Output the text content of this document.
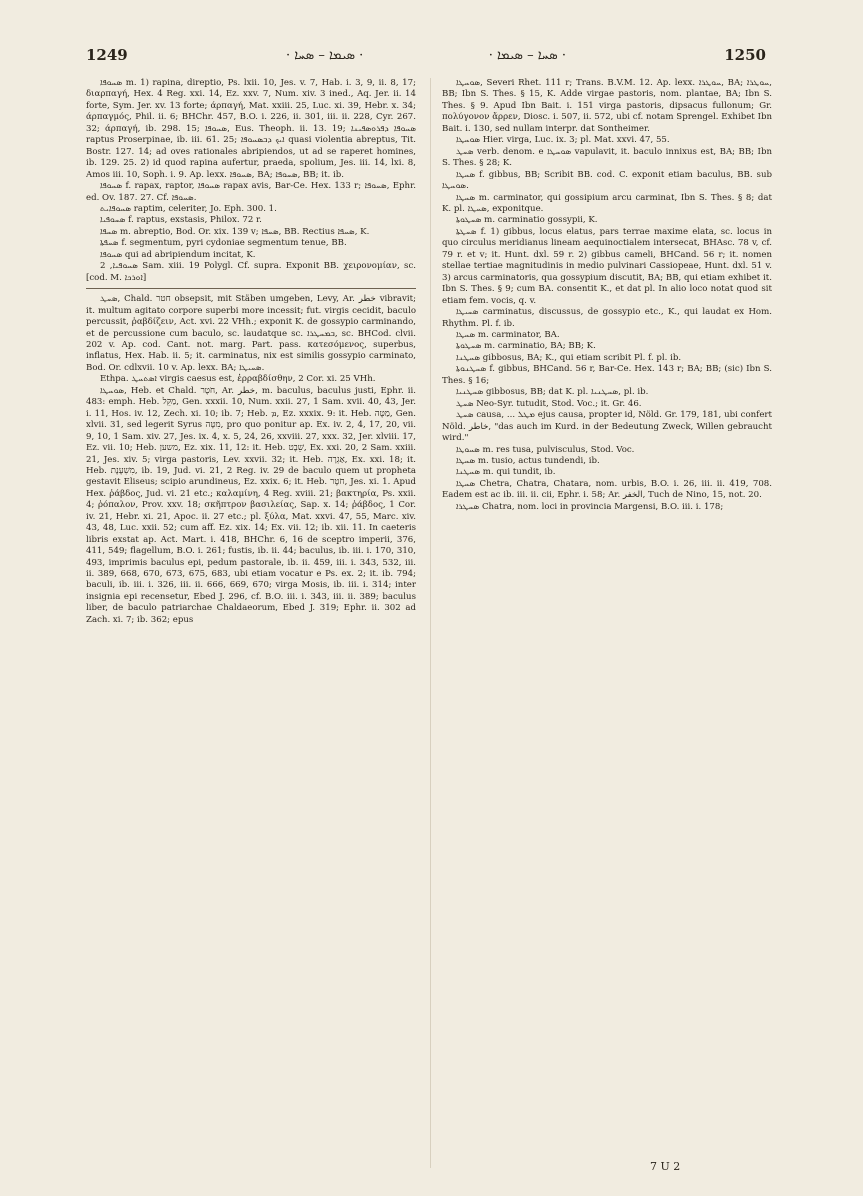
1249	· ܣܝܡܐ – ܣܚܐ ·	· ܣܚܐ – ܣܝܡܐ ·	1250

ܣܚܘܦܐ m. 1) rapina, direptio, Ps. lxii. 10, Jes. v. 7, Hab. i. 3, 9, ii. 8, 17; διαρπαγή, Hex. 4 Reg. xxi. 14, Ez. xxv. 7, Num. xiv. 3 ined., Aq. Jer. ii. 14 forte, Sym. Jer. xv. 13 forte; άρπαγή, Mat. xxiii. 25, Luc. xi. 39, Hebr. x. 34; άρπαγμός, Phil. ii. 6; BHChr. 457, B.O. i. 226, ii. 301, iii. ii. 228, Cyr. 267. 32; άρπαγή, ib. 298. 15; ܣܚܘܦܐ, Eus. Theoph. ii. 13. 19; ܣܚܘܦܐ ܕܦܪܘܣܦܝܢܐ raptus Proserpinae, ib. iii. 61. 25; ܐܝܟ ܕܒܣܚܘܦܐ quasi violentia abreptus, Tit. Bostr. 127. 14; ad oves rationales abripiendos, ut ad se raperet homines, ib. 129. 25. 2) id quod rapina aufertur, praeda, spolium, Jes. iii. 14, lxi. 8, Amos iii. 10, Soph. i. 9. Ap. lexx. ܣܚܘܦܐ, BA; ܣܚܘܦܐ, BB; it. ib.

ܣܚܘܦܐ f. rapax, raptor, ܣܚܘܦܐ rapax avis, Bar-Ce. Hex. 133 r; ܣܚܘܦܐ, Ephr. ed. Ov. 187. 27. Cf. ܣܚܘܦܐ.

ܣܚܘܦܐܝܬ raptim, celeriter, Jo. Eph. 300. 1.

ܣܚܘܦܝܐ f. raptus, exstasis, Philox. 72 r.

ܣܚܦܐ m. abreptio, Bod. Or. xix. 139 v; ܣܚܦܐ, BB. Rectius ܣܚܦܐ, K.

ܣܚܦܬܐ f. segmentum, pyri cydoniae segmentum tenue, BB.

ܣܚܘܦܐ qui ad abripiendum incitat, K.

ܣܚܘܦܝܐ, 2 Sam. xiii. 19 Polygl. Cf. supra. Exponit BB. χειρονομίαν, sc. [cod. M. ܐܘܪܟܐ]

ܣܚܛ, Chald. חטר obsepsit, mit Stäben umgeben, Levy, Ar. خطر vibravit; it. multum agitato corpore superbi more incessit; fut. virgis cecidit, baculo percussit, ῥαβδίζειν, Act. xvi. 22 VHh.; exponit K. de gossypio carminando, et de percussione cum baculo, sc. laudatque sc. ܒܡܚܛܪܐ, sc. BHCod. clvii. 202 v. Ap. cod. Cant. not. marg. Part. pass. κατεσόμενος, superbus, inflatus, Hex. Hab. ii. 5; it. carminatus, nix est similis gossypio carminato, Bod. Or. cdlxvii. 10 v. Ap. lexx. BA; ܣܚܝܛܐ.

Ethpa. ܐܣܬܚܛ virgis caesus est, ἐρραβδίσθην, 2 Cor. xi. 25 VHh.

ܣܘܚܛܐ, Heb. et Chald. חֹטֶר, Ar. خطر, m. baculus, baculus justi, Ephr. ii. 483: emph. Heb. מַקֵּל, Gen. xxxii. 10, Num. xxii. 27, 1 Sam. xvii. 40, 43, Jer. i. 11, Hos. iv. 12, Zech. xi. 10; ib. 7; Heb. ܡ, Ez. xxxix. 9: it. Heb. מַטֶּה, Gen. xlvii. 31, sed legerit Syrus מִטָּה, pro quo ponitur ap. Ex. iv. 2, 4, 17, 20, vii. 9, 10, 1 Sam. xiv. 27, Jes. ix. 4, x. 5, 24, 26, xxviii. 27, xxx. 32, Jer. xlviii. 17, Ez. vii. 10; Heb. משען, Ez. xix. 11, 12: it. Heb. שֵׁבֶט, Ex. xxi. 20, 2 Sam. xxiii. 21, Jes. xiv. 5; virga pastoris, Lev. xxvii. 32; it. Heb. אַגְרָה, Ex. xxi. 18; it. Heb. מִשְׁעֶנֶת, ib. 19, Jud. vi. 21, 2 Reg. iv. 29 de baculo quem ut propheta gestavit Eliseus; scipio arundineus, Ez. xxix. 6; it. Heb. חֹטֶר, Jes. xi. 1. Apud Hex. ῥάβδος, Jud. vi. 21 etc.; καλαμίνη, 4 Reg. xviii. 21; βακτηρία, Ps. xxii. 4; ῥόπαλον, Prov. xxv. 18; σκῆπτρον βασιλείας, Sap. x. 14; ῥάβδος, 1 Cor. iv. 21, Hebr. xi. 21, Apoc. ii. 27 etc.; pl. ξύλα, Mat. xxvi. 47, 55, Marc. xiv. 43, 48, Luc. xxii. 52; cum aff. Ez. xix. 14; Ex. vii. 12; ib. xii. 11. In caeteris libris exstat ap. Act. Mart. i. 418, BHChr. 6, 16 de sceptro imperii, 376, 411, 549; flagellum, B.O. i. 261; fustis, ib. ii. 44; baculus, ib. iii. i. 170, 310, 493, imprimis baculus epi, pedum pastorale, ib. ii. 459, iii. i. 343, 532, iii. ii. 389, 668, 670, 673, 675, 683, ubi etiam vocatur e Ps. ex. 2; it. ib. 794; baculi, ib. iii. i. 326, iii. ii. 666, 669, 670; virga Mosis, ib. iii. i. 314; inter insignia epi recensetur, Ebed J. 296, cf. B.O. iii. i. 343, iii. ii. 389; baculus liber, de baculo patriarchae Chaldaeorum, Ebed J. 319; Ephr. ii. 302 ad Zach. xi. 7; ib. 362; epus

ܣܘܚܛܐ, Severi Rhet. 111 r; Trans. B.V.M. 12. Ap. lexx. ܚܘܛܪܐ, BA; ܚܘܛܪܐ, BB; Ibn S. Thes. § 15, K. Adde virgae pastoris, nom. plantae, BA; Ibn S. Thes. § 9. Apud Ibn Bait. i. 151 virga pastoris, dipsacus fullonum; Gr. πολύγονον ἄρρεν, Diosc. i. 507, ii. 572, ubi cf. notam Sprengel. Exhibet Ibn Bait. i. 130, sed nullam interpr. dat Sontheimer.

ܣܘܚܛܐ Hier. virga, Luc. ix. 3; pl. Mat. xxvi. 47, 55.

ܣܚܛ verb. denom. e ܣܘܚܛܐ vapulavit, it. baculo innixus est, BA; BB; Ibn S. Thes. § 28; K.

ܣܚܛܐ f. gibbus, BB; Scribit BB. cod. C. exponit etiam baculus, BB. sub ܣܘܚܛܐ.

ܣܚܛܐ m. carminator, qui gossipium arcu carminat, Ibn S. Thes. § 8; dat K. pl. ܣܚܛܐ, exponitque.

ܣܚܛܘܬܐ m. carminatio gossypii, K.

ܣܚܛܬܐ f. 1) gibbus, locus elatus, pars terrae maxime elata, sc. locus in quo circulus meridianus lineam aequinoctialem intersecat, BHAsc. 78 v, cf. 79 r. et v; it. Hunt. dxl. 59 r. 2) gibbus cameli, BHCand. 56 r; it. nomen stellae tertiae magnitudinis in medio pulvinari Cassiopeae, Hunt. dxl. 51 v. 3) arcus carminatoris, qua gossypium discutit, BA; BB, qui etiam exhibet it. Ibn S. Thes. § 9; cum BA. consentit K., et dat pl. In alio loco notat quod sit etiam fem. vocis, q. v.

ܣܚܝܛܐ carminatus, discussus, de gossypio etc., K., qui laudat ex Hom. Rhythm. Pl. f. ib.

ܣܚܛܐ m. carminator, BA.

ܣܚܛܘܬܐ m. carminatio, BA; BB; K.

ܣܚܛܢܐ gibbosus, BA; K., qui etiam scribit Pl. f. pl. ib.

ܣܚܛܢܘܬܐ f. gibbus, BHCand. 56 r, Bar-Ce. Hex. 143 r; BA; BB; (sic) Ibn S. Thes. § 16;

ܣܚܛܢܝܐ gibbosus, BB; dat K. pl. ܣܚܛܢܝܐ, pl. ib.

ܣܚܛ Neo-Syr. tutudit, Stod. Voc.; it. Gr. 46.

ܣܚܛ causa, ... ܡܛܠ ejus causa, propter id, Nöld. Gr. 179, 181, ubi confert Nöld. خاطر, "das auch im Kurd. in der Bedeutung Zweck, Willen gebraucht wird."

ܣܚܘܛܐ m. res tusa, pulvisculus, Stod. Voc.

ܣܚܛܐ m. tusio, actus tundendi, ib.

ܣܚܛܢܐ m. qui tundit, ib.

ܣܚܛܐ Chetra, Chatra, Chatara, nom. urbis, B.O. i. 26, iii. ii. 419, 708. Eadem est ac ib. iii. ii. cii, Ephr. i. 58; Ar. الخفر, Tuch de Nino, 15, not. 20.

ܣܚܛܪܐ Chatra, nom. loci in provincia Margensi, B.O. iii. i. 178;

7 U 2
